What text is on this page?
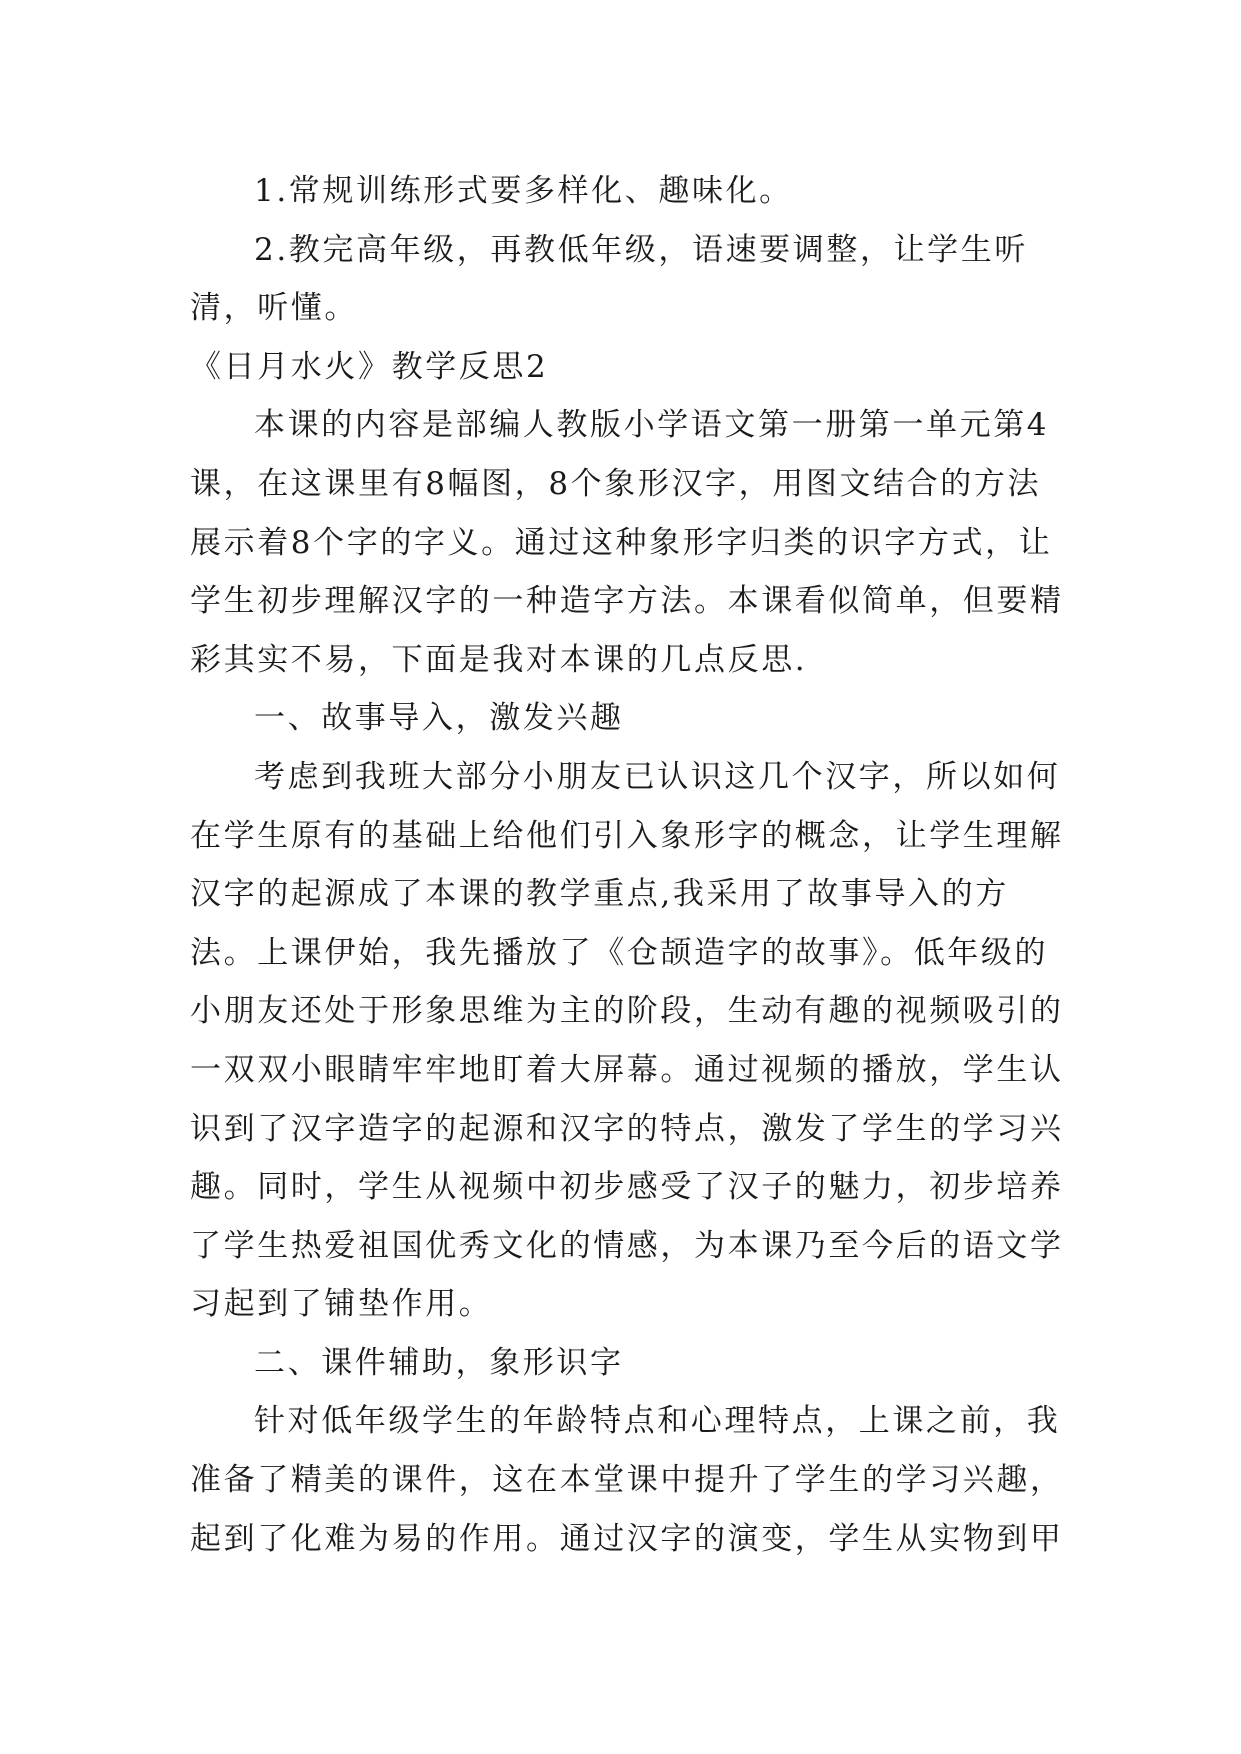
1.常规训练形式要多样化、趣味化。

2.教完高年级，再教低年级，语速要调整，让学生听清，听懂。

《日月水火》教学反思2

本课的内容是部编人教版小学语文第一册第一单元第4课，在这课里有8幅图，8个象形汉字，用图文结合的方法展示着8个字的字义。通过这种象形字归类的识字方式，让学生初步理解汉字的一种造字方法。本课看似简单，但要精彩其实不易，下面是我对本课的几点反思.

一、故事导入，激发兴趣

考虑到我班大部分小朋友已认识这几个汉字，所以如何在学生原有的基础上给他们引入象形字的概念，让学生理解汉字的起源成了本课的教学重点,我采用了故事导入的方法。上课伊始，我先播放了《仓颉造字的故事》。低年级的小朋友还处于形象思维为主的阶段，生动有趣的视频吸引的一双双小眼睛牢牢地盯着大屏幕。通过视频的播放，学生认识到了汉字造字的起源和汉字的特点，激发了学生的学习兴趣。同时，学生从视频中初步感受了汉子的魅力，初步培养了学生热爱祖国优秀文化的情感，为本课乃至今后的语文学习起到了铺垫作用。

二、课件辅助，象形识字

针对低年级学生的年龄特点和心理特点，上课之前，我准备了精美的课件，这在本堂课中提升了学生的学习兴趣，起到了化难为易的作用。通过汉字的演变，学生从实物到甲
